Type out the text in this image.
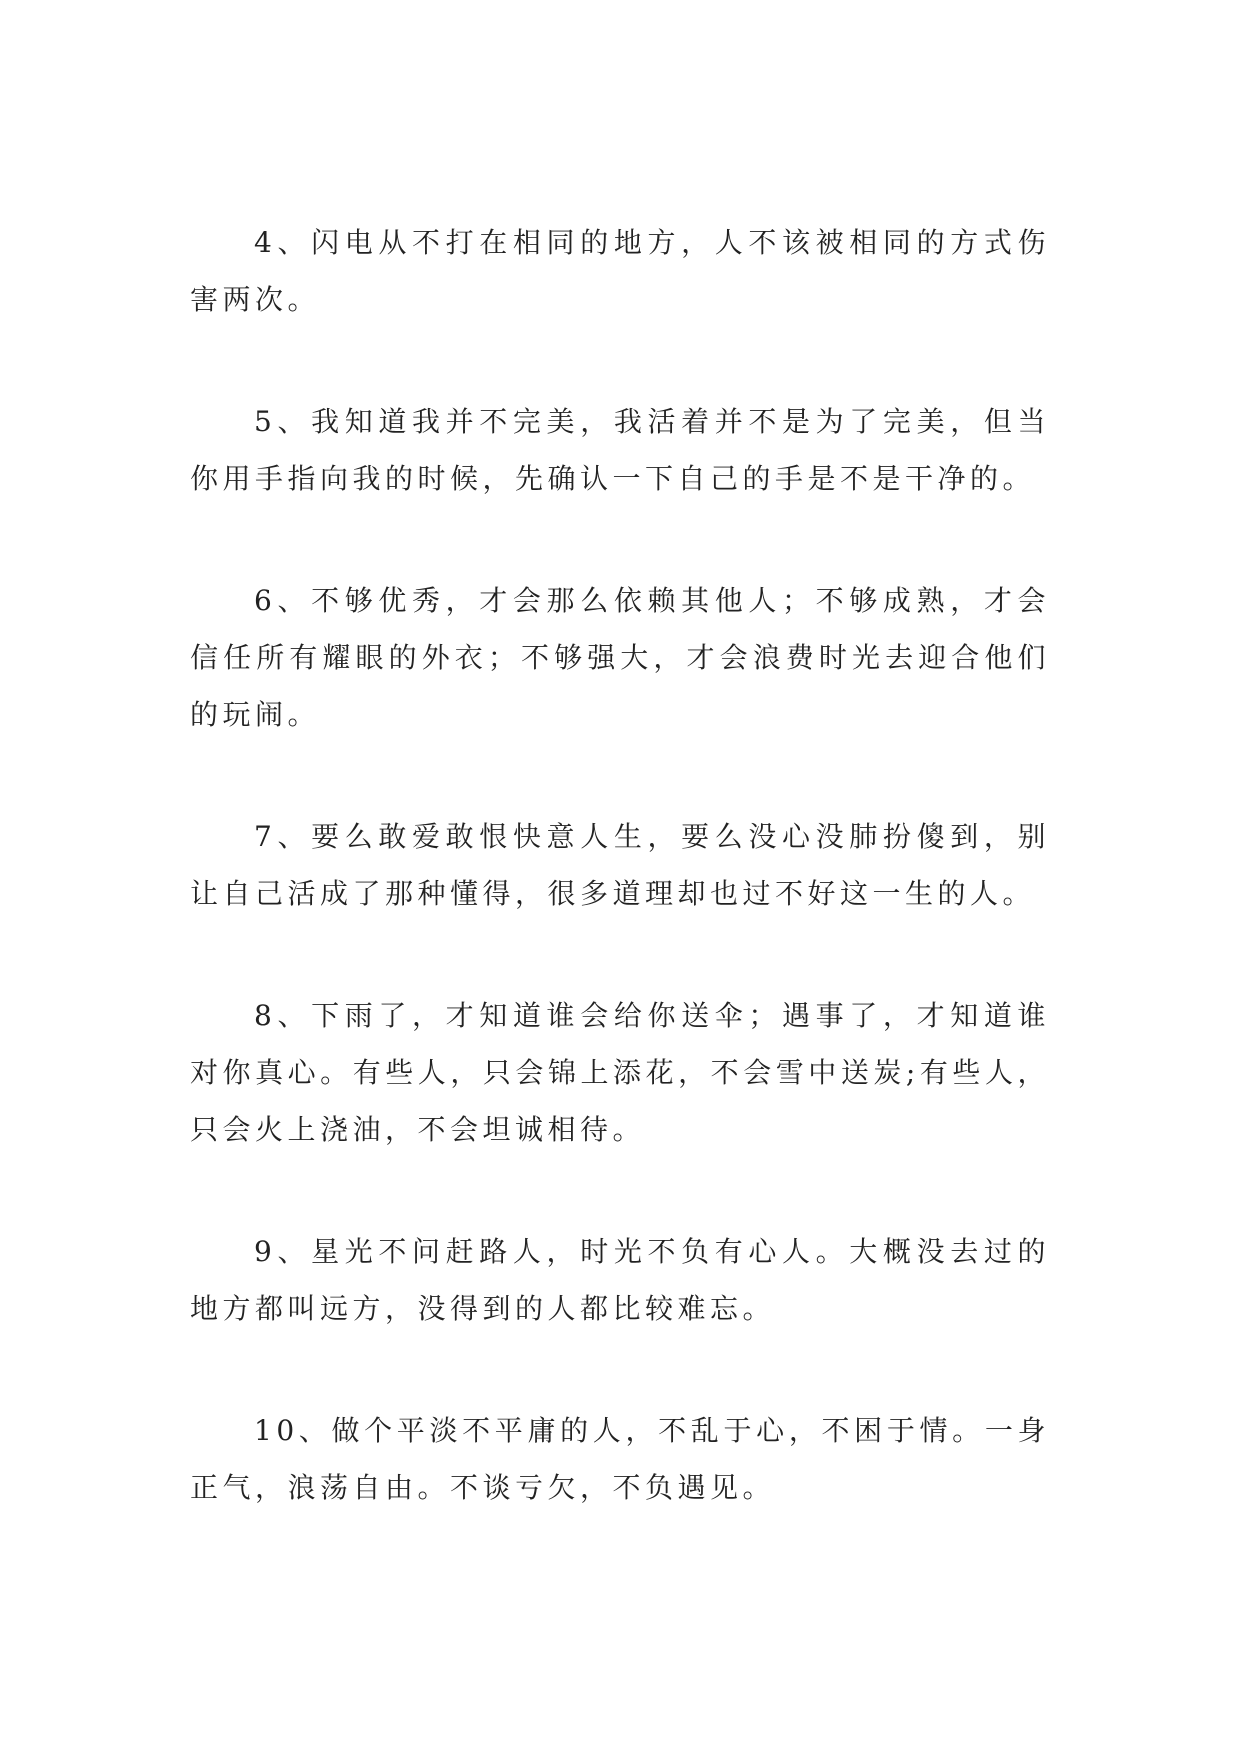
4、闪电从不打在相同的地方，人不该被相同的方式伤害两次。

5、我知道我并不完美，我活着并不是为了完美，但当你用手指向我的时候，先确认一下自己的手是不是干净的。

6、不够优秀，才会那么依赖其他人；不够成熟，才会信任所有耀眼的外衣；不够强大，才会浪费时光去迎合他们的玩闹。

7、要么敢爱敢恨快意人生，要么没心没肺扮傻到，别让自己活成了那种懂得，很多道理却也过不好这一生的人。

8、下雨了，才知道谁会给你送伞；遇事了，才知道谁对你真心。有些人，只会锦上添花，不会雪中送炭;有些人，只会火上浇油，不会坦诚相待。

9、星光不问赶路人，时光不负有心人。大概没去过的地方都叫远方，没得到的人都比较难忘。

10、做个平淡不平庸的人，不乱于心，不困于情。一身正气，浪荡自由。不谈亏欠，不负遇见。
